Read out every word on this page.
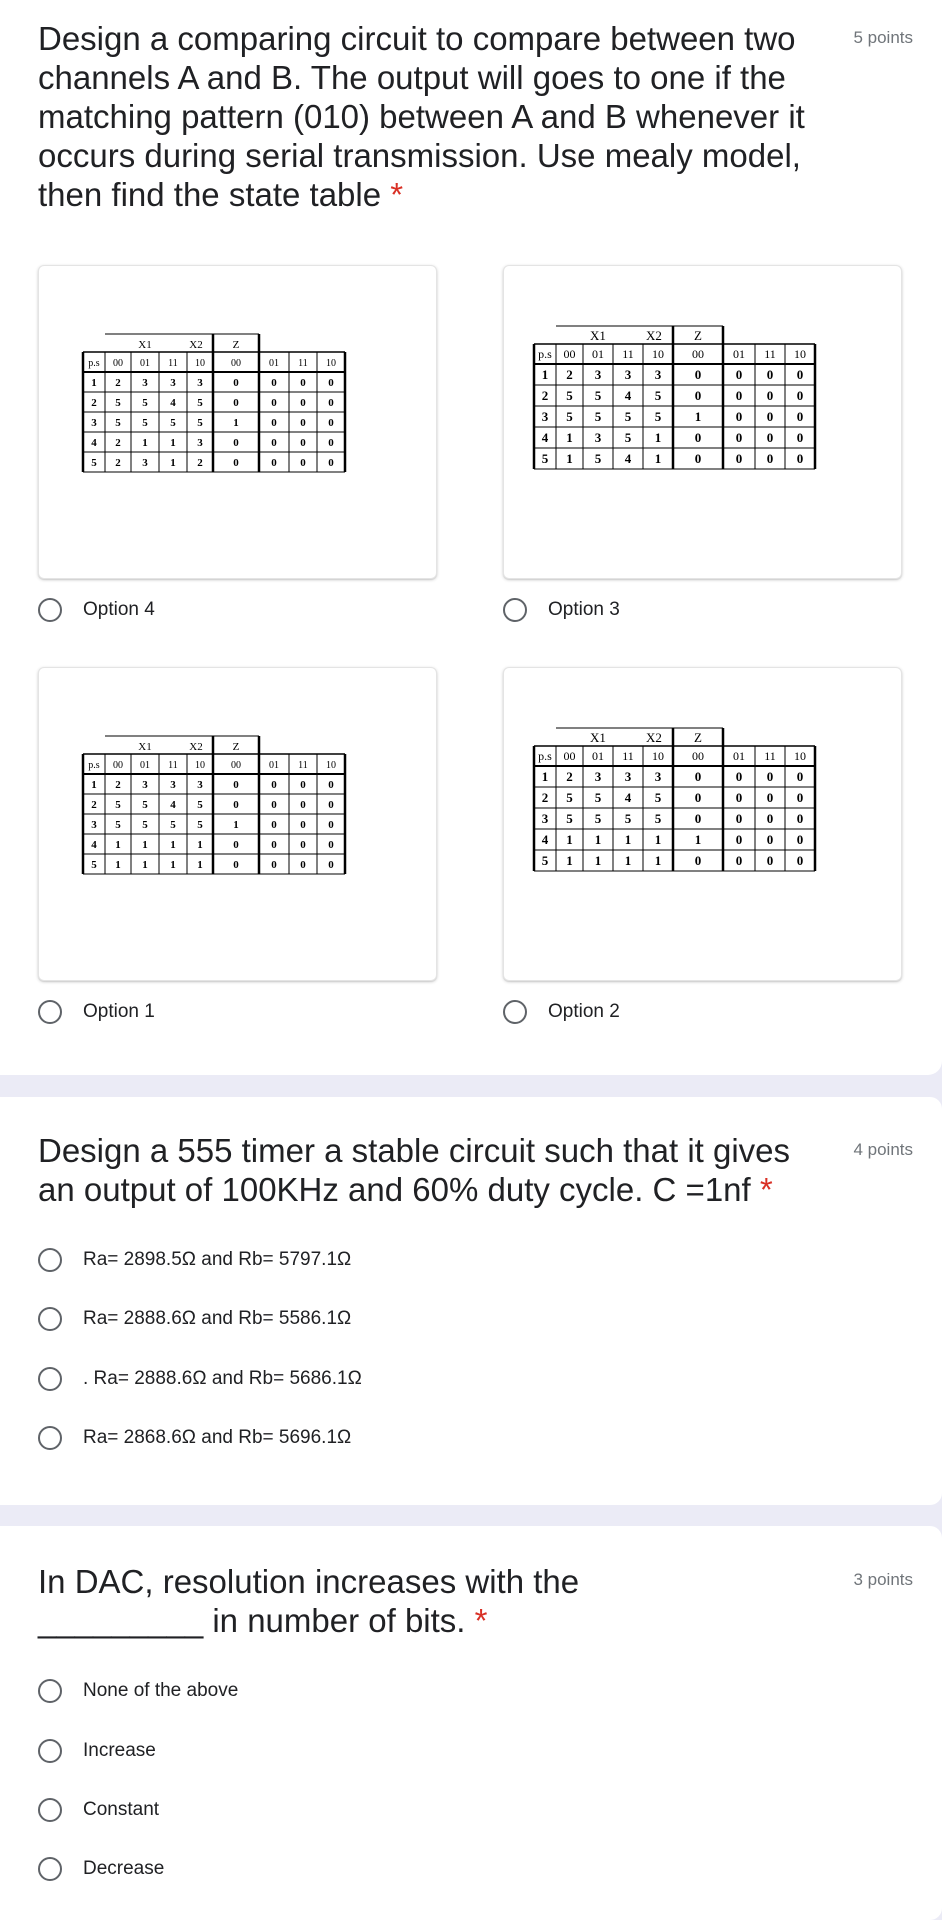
Design a comparing circuit to compare between two channels A and B. The output will goes to one if the matching pattern (010) between A and B whenever it occurs during serial transmission. Use mealy model, then find the state table *

5 points
X1	X2	Z
p.s 00 01 11 10	00	01 11 10
1 2 3 3 3	0	0 0 0
2 5 5 4 5	0	0 0 0
3 5 5 5 5	1	0 0 0
4 2 1 1 3	0	0 0 0
5 2 3 1 2	0	0 0 0
X1	X2 Z
p.s 00 01 11 10 00 01 11 10
1 2 3 3 3	0	0 0 0
2 5 5 4 5	0	0 0 0
3 5 5 5 5	1	0 0 0
4 1 3 5 1	0	0 0 0
5 1 5 4 1	0	0 0 0
Option 4	Option 3
X1	X2	Z
p.s 00 01 11 10	00	01 11 10
1 2 3 3 3	0	0 0 0
2 5 5 4 5	0	0 0 0
3 5 5 5 5	1	0 0 0
4 1 1 1 1	0	0 0 0
5 1 1 1 1	0	0 0 0
X1	X2 Z
p.s 00 01 11 10 00 01 11 10
1 2 3 3 3	0	0 0 0
2 5 5 4 5	0	0 0 0
3 5 5 5 5	0	0 0 0
4 1 1 1 1	1	0 0 0
5 1 1 1 1	0	0 0 0
Option 1	Option 2

Design a 555 timer a stable circuit such that it gives an output of 100KHz and 60% duty cycle. C =1nf *

4 points
Ra= 2898.5Ω and Rb= 5797.1Ω
Ra= 2888.6Ω and Rb= 5586.1Ω
. Ra= 2888.6Ω and Rb= 5686.1Ω
Ra= 2868.6Ω and Rb= 5696.1Ω

In DAC, resolution increases with the _________ in number of bits. *

3 points
None of the above
Increase
Constant
Decrease
